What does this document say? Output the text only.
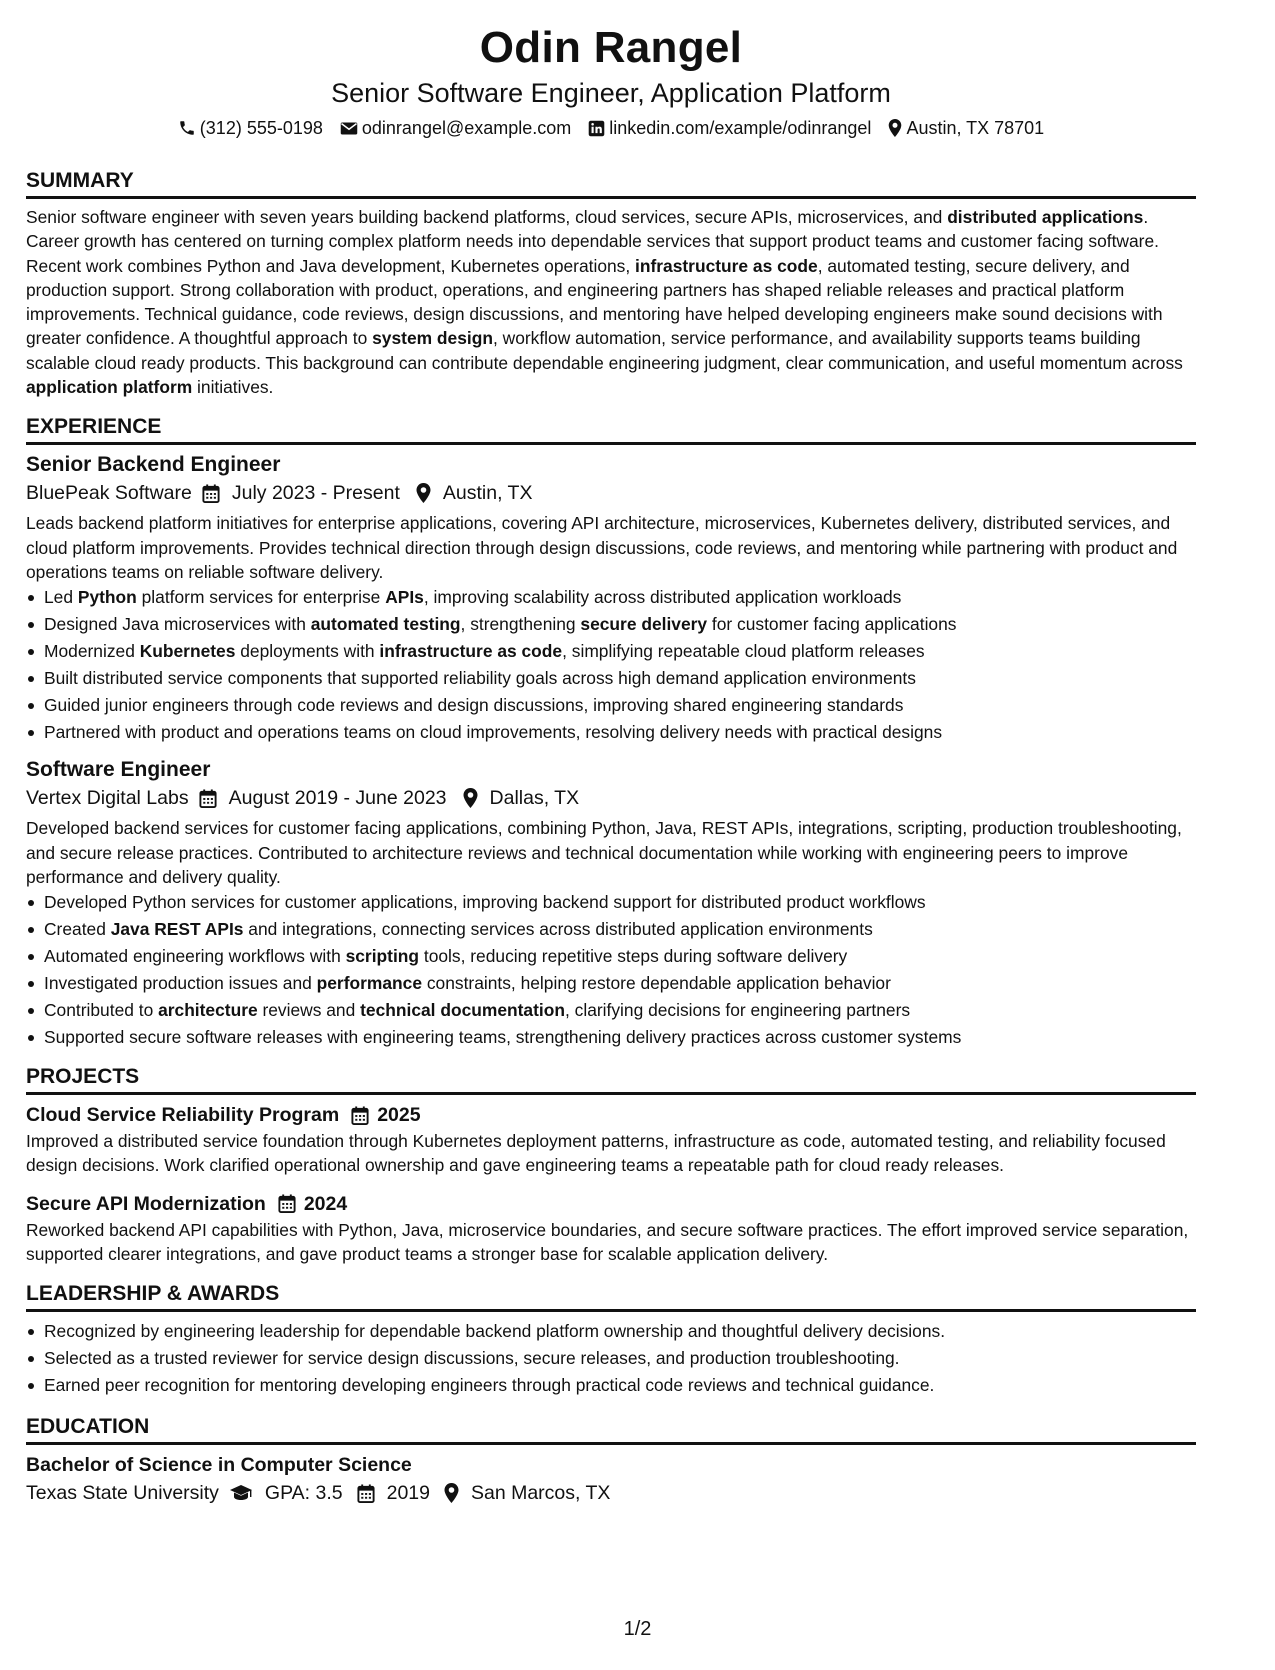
Odin Rangel
Senior Software Engineer, Application Platform
(312) 555-0198 odinrangel@example.com linkedin.com/example/odinrangel Austin, TX 78701
SUMMARY

Senior software engineer with seven years building backend platforms, cloud services, secure APIs, microservices, and distributed applications. Career growth has centered on turning complex platform needs into dependable services that support product teams and customer facing software. Recent work combines Python and Java development, Kubernetes operations, infrastructure as code, automated testing, secure delivery, and production support. Strong collaboration with product, operations, and engineering partners has shaped reliable releases and practical platform improvements. Technical guidance, code reviews, design discussions, and mentoring have helped developing engineers make sound decisions with greater confidence. A thoughtful approach to system design, workflow automation, service performance, and availability supports teams building scalable cloud ready products. This background can contribute dependable engineering judgment, clear communication, and useful momentum across application platform initiatives.

EXPERIENCE
Senior Backend Engineer
BluePeak Software July 2023 - Present Austin, TX

Leads backend platform initiatives for enterprise applications, covering API architecture, microservices, Kubernetes delivery, distributed services, and cloud platform improvements. Provides technical direction through design discussions, code reviews, and mentoring while partnering with product and operations teams on reliable software delivery.

Led Python platform services for enterprise APIs, improving scalability across distributed application workloads
Designed Java microservices with automated testing, strengthening secure delivery for customer facing applications
Modernized Kubernetes deployments with infrastructure as code, simplifying repeatable cloud platform releases
Built distributed service components that supported reliability goals across high demand application environments
Guided junior engineers through code reviews and design discussions, improving shared engineering standards
Partnered with product and operations teams on cloud improvements, resolving delivery needs with practical designs
Software Engineer
Vertex Digital Labs August 2019 - June 2023 Dallas, TX

Developed backend services for customer facing applications, combining Python, Java, REST APIs, integrations, scripting, production troubleshooting, and secure release practices. Contributed to architecture reviews and technical documentation while working with engineering peers to improve performance and delivery quality.

Developed Python services for customer applications, improving backend support for distributed product workflows
Created Java REST APIs and integrations, connecting services across distributed application environments
Automated engineering workflows with scripting tools, reducing repetitive steps during software delivery
Investigated production issues and performance constraints, helping restore dependable application behavior
Contributed to architecture reviews and technical documentation, clarifying decisions for engineering partners
Supported secure software releases with engineering teams, strengthening delivery practices across customer systems
PROJECTS
Cloud Service Reliability Program 2025

Improved a distributed service foundation through Kubernetes deployment patterns, infrastructure as code, automated testing, and reliability focused design decisions. Work clarified operational ownership and gave engineering teams a repeatable path for cloud ready releases.

Secure API Modernization 2024

Reworked backend API capabilities with Python, Java, microservice boundaries, and secure software practices. The effort improved service separation, supported clearer integrations, and gave product teams a stronger base for scalable application delivery.

LEADERSHIP & AWARDS
Recognized by engineering leadership for dependable backend platform ownership and thoughtful delivery decisions.
Selected as a trusted reviewer for service design discussions, secure releases, and production troubleshooting.
Earned peer recognition for mentoring developing engineers through practical code reviews and technical guidance.
EDUCATION
Bachelor of Science in Computer Science
Texas State University GPA: 3.5 2019 San Marcos, TX
1/2
